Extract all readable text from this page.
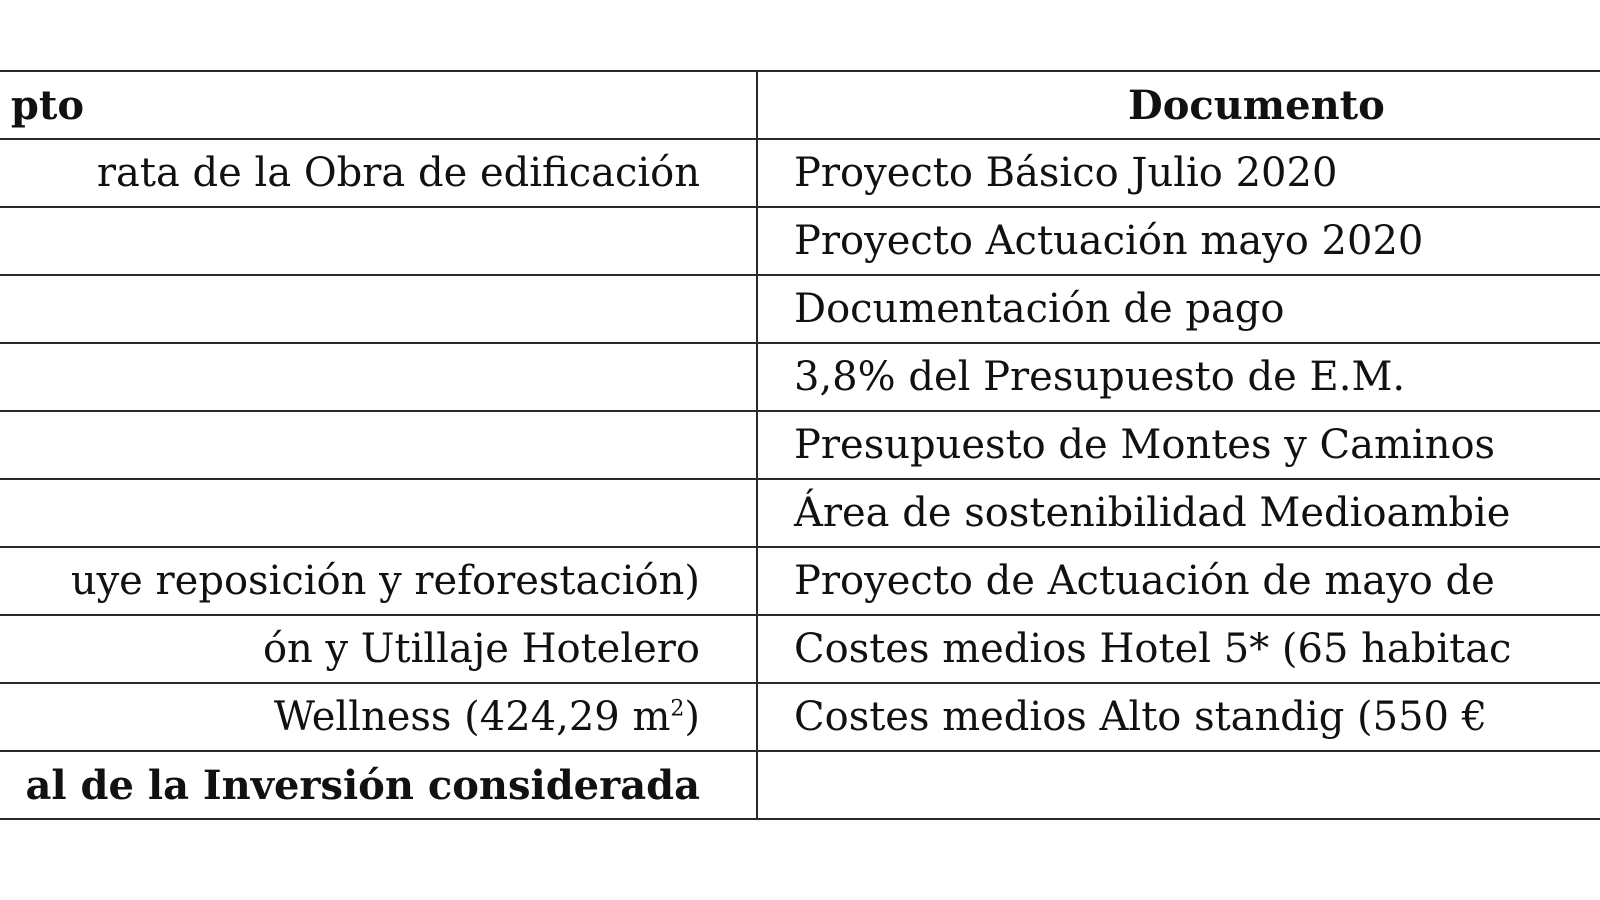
pto	Documento
rata de la Obra de edificación	Proyecto Básico Julio 2020
	Proyecto Actuación mayo 2020
	Documentación de pago
	3,8% del Presupuesto de E.M.
	Presupuesto de Montes y Caminos
	Área de sostenibilidad Medioambie
uye reposición y reforestación)	Proyecto de Actuación de mayo de
ón y Utillaje Hotelero	Costes medios Hotel 5* (65 habitac
Wellness (424,29 $m^2$)	Costes medios Alto standig (550 €
al de la Inversión considerada	
